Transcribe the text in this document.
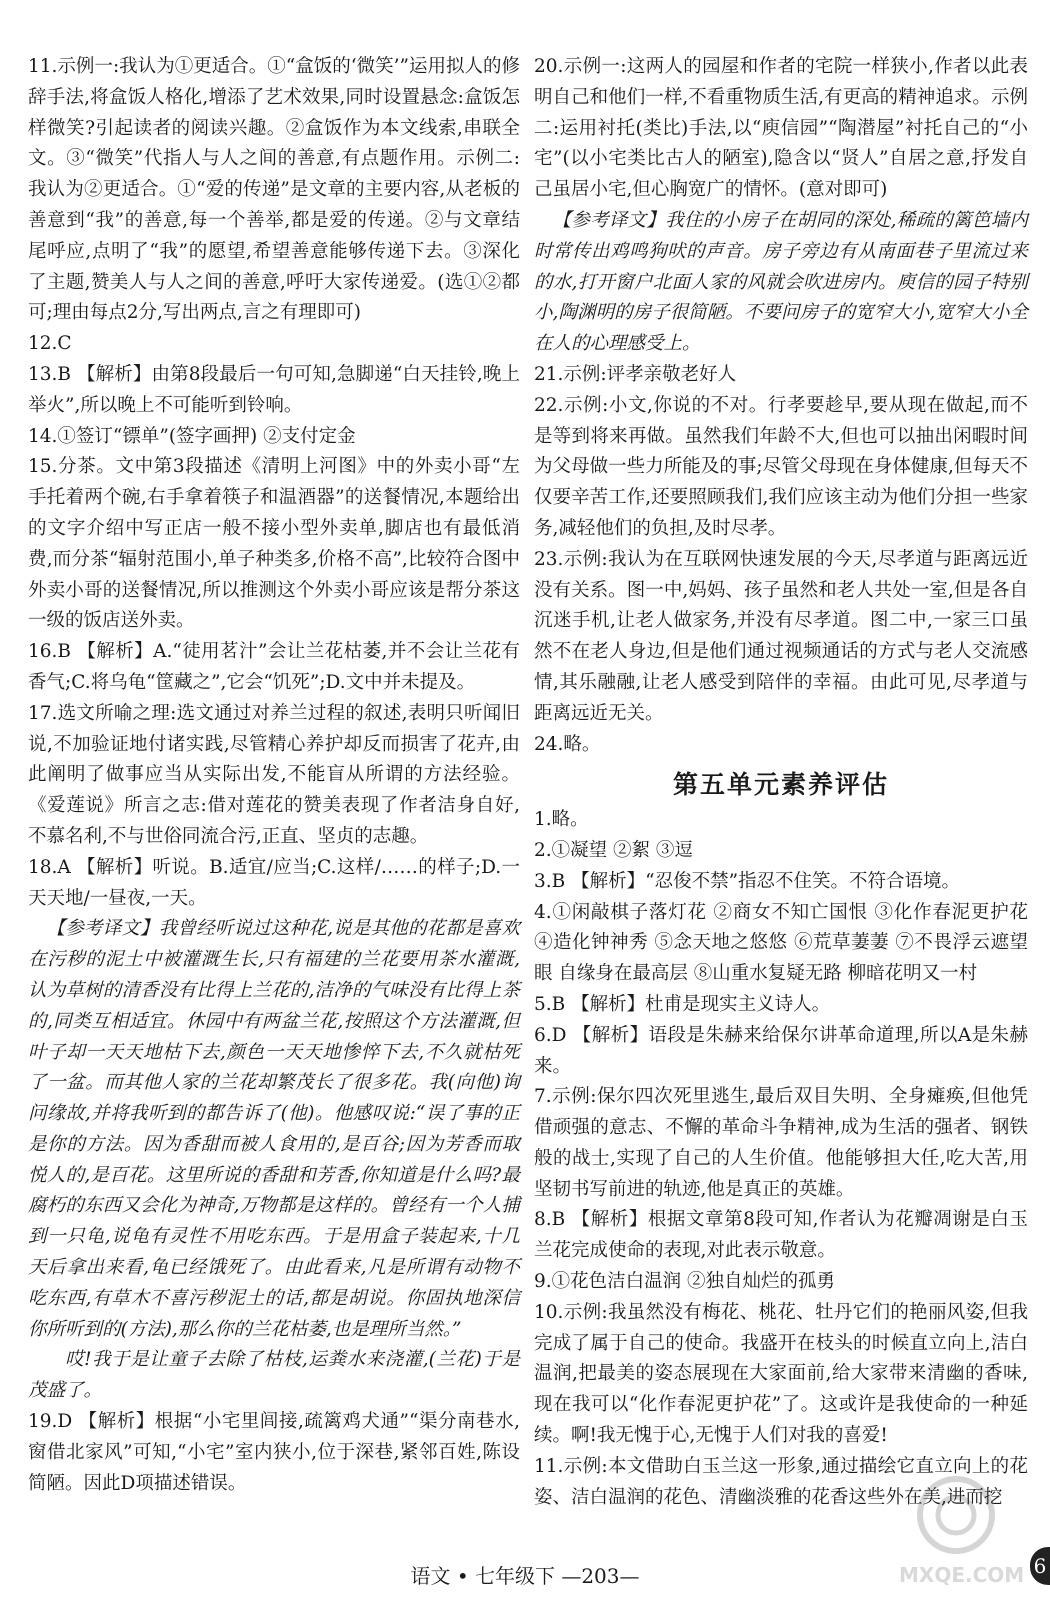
11.示例一:我认为①更适合。①“盒饭的‘微笑’”运用拟人的修辞手法,将盒饭人格化,增添了艺术效果,同时设置悬念:盒饭怎样微笑?引起读者的阅读兴趣。②盒饭作为本文线索,串联全文。③“微笑”代指人与人之间的善意,有点题作用。示例二:我认为②更适合。①“爱的传递”是文章的主要内容,从老板的善意到“我”的善意,每一个善举,都是爱的传递。②与文章结尾呼应,点明了“我”的愿望,希望善意能够传递下去。③深化了主题,赞美人与人之间的善意,呼吁大家传递爱。(选①②都可;理由每点2分,写出两点,言之有理即可)

12.C

13.B 【解析】由第8段最后一句可知,急脚递“白天挂铃,晚上举火”,所以晚上不可能听到铃响。

14.①签订“镖单”(签字画押) ②支付定金

15.分茶。文中第3段描述《清明上河图》中的外卖小哥“左手托着两个碗,右手拿着筷子和温酒器”的送餐情况,本题给出的文字介绍中写正店一般不接小型外卖单,脚店也有最低消费,而分茶“辐射范围小,单子种类多,价格不高”,比较符合图中外卖小哥的送餐情况,所以推测这个外卖小哥应该是帮分茶这一级的饭店送外卖。

16.B 【解析】A.“徒用茗汁”会让兰花枯萎,并不会让兰花有香气;C.将乌龟“筐藏之”,它会“饥死”;D.文中并未提及。

17.选文所喻之理:选文通过对养兰过程的叙述,表明只听闻旧说,不加验证地付诸实践,尽管精心养护却反而损害了花卉,由此阐明了做事应当从实际出发,不能盲从所谓的方法经验。《爱莲说》所言之志:借对莲花的赞美表现了作者洁身自好,不慕名利,不与世俗同流合污,正直、坚贞的志趣。

18.A 【解析】听说。B.适宜/应当;C.这样/……的样子;D.一天天地/一昼夜,一天。

【参考译文】我曾经听说过这种花,说是其他的花都是喜欢在污秽的泥土中被灌溉生长,只有福建的兰花要用茶水灌溉,认为草树的清香没有比得上兰花的,洁净的气味没有比得上茶的,同类互相适宜。休园中有两盆兰花,按照这个方法灌溉,但叶子却一天天地枯下去,颜色一天天地惨悴下去,不久就枯死了一盆。而其他人家的兰花却繁茂长了很多花。我(向他)询问缘故,并将我听到的都告诉了(他)。他感叹说:“误了事的正是你的方法。因为香甜而被人食用的,是百谷;因为芳香而取悦人的,是百花。这里所说的香甜和芳香,你知道是什么吗?最腐朽的东西又会化为神奇,万物都是这样的。曾经有一个人捕到一只龟,说龟有灵性不用吃东西。于是用盒子装起来,十几天后拿出来看,龟已经饿死了。由此看来,凡是所谓有动物不吃东西,有草木不喜污秽泥土的话,都是胡说。你固执地深信你所听到的(方法),那么你的兰花枯萎,也是理所当然。”

哎!我于是让童子去除了枯枝,运粪水来浇灌,(兰花)于是茂盛了。

19.D 【解析】根据“小宅里闾接,疏篱鸡犬通”“渠分南巷水,窗借北家风”可知,“小宅”室内狭小,位于深巷,紧邻百姓,陈设简陋。因此D项描述错误。

20.示例一:这两人的园屋和作者的宅院一样狭小,作者以此表明自己和他们一样,不看重物质生活,有更高的精神追求。示例二:运用衬托(类比)手法,以“庾信园”“陶潜屋”衬托自己的“小宅”(以小宅类比古人的陋室),隐含以“贤人”自居之意,抒发自己虽居小宅,但心胸宽广的情怀。(意对即可)

【参考译文】我住的小房子在胡同的深处,稀疏的篱笆墙内时常传出鸡鸣狗吠的声音。房子旁边有从南面巷子里流过来的水,打开窗户北面人家的风就会吹进房内。庾信的园子特别小,陶渊明的房子很简陋。不要问房子的宽窄大小,宽窄大小全在人的心理感受上。

21.示例:评孝亲敬老好人

22.示例:小文,你说的不对。行孝要趁早,要从现在做起,而不是等到将来再做。虽然我们年龄不大,但也可以抽出闲暇时间为父母做一些力所能及的事;尽管父母现在身体健康,但每天不仅要辛苦工作,还要照顾我们,我们应该主动为他们分担一些家务,减轻他们的负担,及时尽孝。

23.示例:我认为在互联网快速发展的今天,尽孝道与距离远近没有关系。图一中,妈妈、孩子虽然和老人共处一室,但是各自沉迷手机,让老人做家务,并没有尽孝道。图二中,一家三口虽然不在老人身边,但是他们通过视频通话的方式与老人交流感情,其乐融融,让老人感受到陪伴的幸福。由此可见,尽孝道与距离远近无关。

24.略。

第五单元素养评估

1.略。

2.①凝望 ②絮 ③逗

3.B 【解析】“忍俊不禁”指忍不住笑。不符合语境。

4.①闲敲棋子落灯花 ②商女不知亡国恨 ③化作春泥更护花 ④造化钟神秀 ⑤念天地之悠悠 ⑥荒草萋萋 ⑦不畏浮云遮望眼 自缘身在最高层 ⑧山重水复疑无路 柳暗花明又一村

5.B 【解析】杜甫是现实主义诗人。

6.D 【解析】语段是朱赫来给保尔讲革命道理,所以A是朱赫来。

7.示例:保尔四次死里逃生,最后双目失明、全身瘫痪,但他凭借顽强的意志、不懈的革命斗争精神,成为生活的强者、钢铁般的战士,实现了自己的人生价值。他能够担大任,吃大苦,用坚韧书写前进的轨迹,他是真正的英雄。

8.B 【解析】根据文章第8段可知,作者认为花瓣凋谢是白玉兰花完成使命的表现,对此表示敬意。

9.①花色洁白温润 ②独自灿烂的孤勇

10.示例:我虽然没有梅花、桃花、牡丹它们的艳丽风姿,但我完成了属于自己的使命。我盛开在枝头的时候直立向上,洁白温润,把最美的姿态展现在大家面前,给大家带来清幽的香味,现在我可以“化作春泥更护花”了。这或许是我使命的一种延续。啊!我无愧于心,无愧于人们对我的喜爱!

11.示例:本文借助白玉兰这一形象,通过描绘它直立向上的花姿、洁白温润的花色、清幽淡雅的花香这些外在美,进而挖

语文 • 七年级下 —203—	6
MXQE.COM
